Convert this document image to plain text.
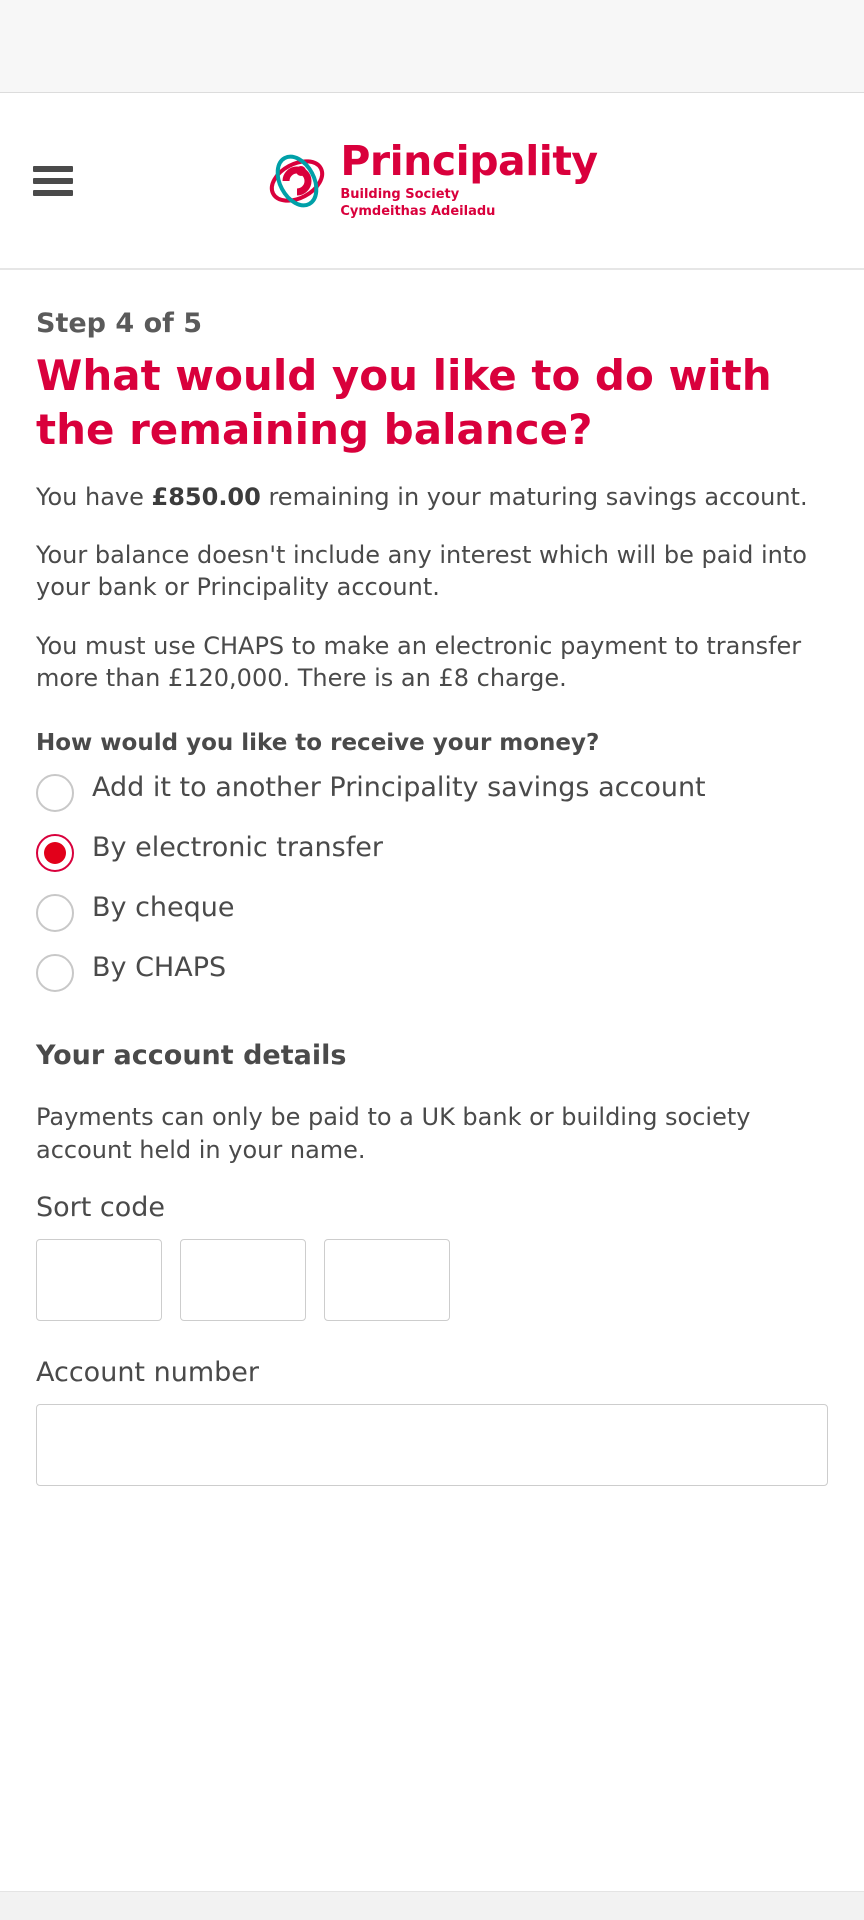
Principality
Building Society
Cymdeithas Adeiladu
Step 4 of 5
What would you like to do with the remaining balance?

You have £850.00 remaining in your maturing savings account.

Your balance doesn't include any interest which will be paid into your bank or Principality account.

You must use CHAPS to make an electronic payment to transfer more than £120,000. There is an £8 charge.

How would you like to receive your money?
Add it to another Principality savings account
By electronic transfer
By cheque
By CHAPS
Your account details

Payments can only be paid to a UK bank or building society account held in your name.

Sort code
Account number
